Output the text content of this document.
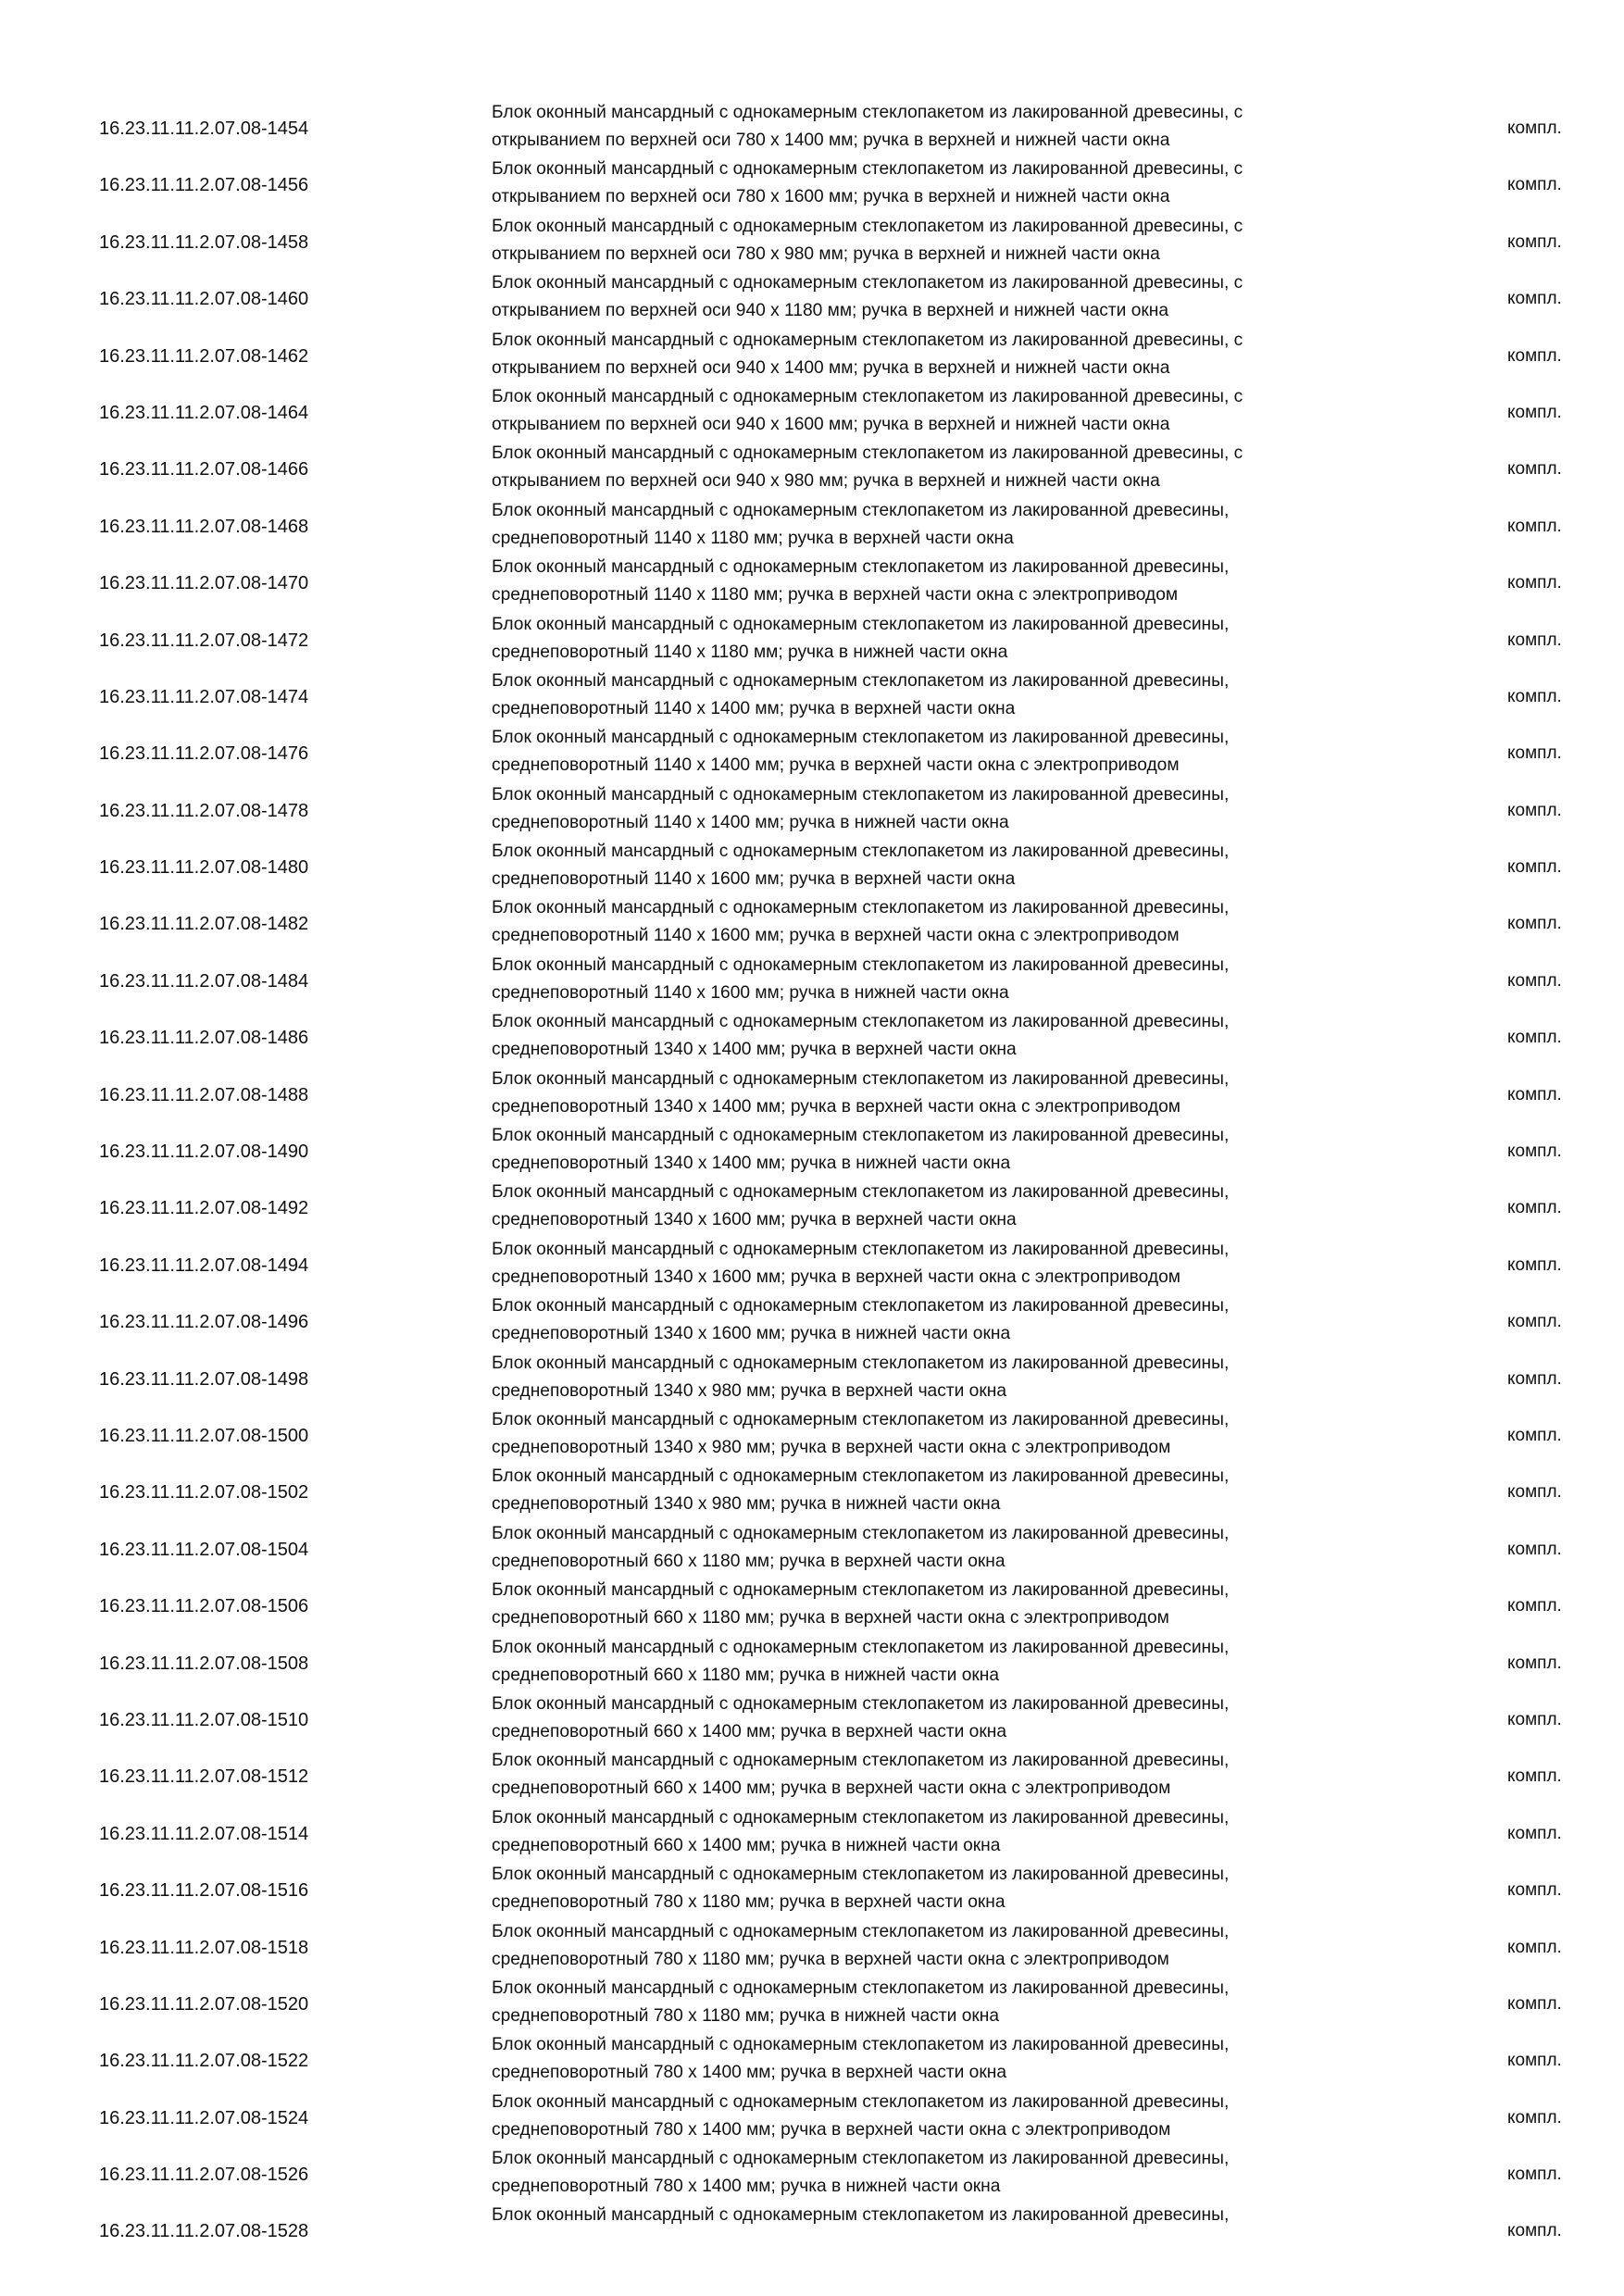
16.23.11.11.2.07.08-1454
Блок оконный мансардный с однокамерным стеклопакетом из лакированной древесины, с
открыванием по верхней оси 780 х 1400 мм; ручка в верхней и нижней части окна
компл.
16.23.11.11.2.07.08-1456
Блок оконный мансардный с однокамерным стеклопакетом из лакированной древесины, с
открыванием по верхней оси 780 х 1600 мм; ручка в верхней и нижней части окна
компл.
16.23.11.11.2.07.08-1458
Блок оконный мансардный с однокамерным стеклопакетом из лакированной древесины, с
открыванием по верхней оси 780 х 980 мм; ручка в верхней и нижней части окна
компл.
16.23.11.11.2.07.08-1460
Блок оконный мансардный с однокамерным стеклопакетом из лакированной древесины, с
открыванием по верхней оси 940 х 1180 мм; ручка в верхней и нижней части окна
компл.
16.23.11.11.2.07.08-1462
Блок оконный мансардный с однокамерным стеклопакетом из лакированной древесины, с
открыванием по верхней оси 940 х 1400 мм; ручка в верхней и нижней части окна
компл.
16.23.11.11.2.07.08-1464
Блок оконный мансардный с однокамерным стеклопакетом из лакированной древесины, с
открыванием по верхней оси 940 х 1600 мм; ручка в верхней и нижней части окна
компл.
16.23.11.11.2.07.08-1466
Блок оконный мансардный с однокамерным стеклопакетом из лакированной древесины, с
открыванием по верхней оси 940 х 980 мм; ручка в верхней и нижней части окна
компл.
16.23.11.11.2.07.08-1468
Блок оконный мансардный с однокамерным стеклопакетом из лакированной древесины,
среднеповоротный 1140 х 1180 мм; ручка в верхней части окна
компл.
16.23.11.11.2.07.08-1470
Блок оконный мансардный с однокамерным стеклопакетом из лакированной древесины,
среднеповоротный 1140 х 1180 мм; ручка в верхней части окна с электроприводом
компл.
16.23.11.11.2.07.08-1472
Блок оконный мансардный с однокамерным стеклопакетом из лакированной древесины,
среднеповоротный 1140 х 1180 мм; ручка в нижней части окна
компл.
16.23.11.11.2.07.08-1474
Блок оконный мансардный с однокамерным стеклопакетом из лакированной древесины,
среднеповоротный 1140 х 1400 мм; ручка в верхней части окна
компл.
16.23.11.11.2.07.08-1476
Блок оконный мансардный с однокамерным стеклопакетом из лакированной древесины,
среднеповоротный 1140 х 1400 мм; ручка в верхней части окна с электроприводом
компл.
16.23.11.11.2.07.08-1478
Блок оконный мансардный с однокамерным стеклопакетом из лакированной древесины,
среднеповоротный 1140 х 1400 мм; ручка в нижней части окна
компл.
16.23.11.11.2.07.08-1480
Блок оконный мансардный с однокамерным стеклопакетом из лакированной древесины,
среднеповоротный 1140 х 1600 мм; ручка в верхней части окна
компл.
16.23.11.11.2.07.08-1482
Блок оконный мансардный с однокамерным стеклопакетом из лакированной древесины,
среднеповоротный 1140 х 1600 мм; ручка в верхней части окна с электроприводом
компл.
16.23.11.11.2.07.08-1484
Блок оконный мансардный с однокамерным стеклопакетом из лакированной древесины,
среднеповоротный 1140 х 1600 мм; ручка в нижней части окна
компл.
16.23.11.11.2.07.08-1486
Блок оконный мансардный с однокамерным стеклопакетом из лакированной древесины,
среднеповоротный 1340 х 1400 мм; ручка в верхней части окна
компл.
16.23.11.11.2.07.08-1488
Блок оконный мансардный с однокамерным стеклопакетом из лакированной древесины,
среднеповоротный 1340 х 1400 мм; ручка в верхней части окна с электроприводом
компл.
16.23.11.11.2.07.08-1490
Блок оконный мансардный с однокамерным стеклопакетом из лакированной древесины,
среднеповоротный 1340 х 1400 мм; ручка в нижней части окна
компл.
16.23.11.11.2.07.08-1492
Блок оконный мансардный с однокамерным стеклопакетом из лакированной древесины,
среднеповоротный 1340 х 1600 мм; ручка в верхней части окна
компл.
16.23.11.11.2.07.08-1494
Блок оконный мансардный с однокамерным стеклопакетом из лакированной древесины,
среднеповоротный 1340 х 1600 мм; ручка в верхней части окна с электроприводом
компл.
16.23.11.11.2.07.08-1496
Блок оконный мансардный с однокамерным стеклопакетом из лакированной древесины,
среднеповоротный 1340 х 1600 мм; ручка в нижней части окна
компл.
16.23.11.11.2.07.08-1498
Блок оконный мансардный с однокамерным стеклопакетом из лакированной древесины,
среднеповоротный 1340 х 980 мм; ручка в верхней части окна
компл.
16.23.11.11.2.07.08-1500
Блок оконный мансардный с однокамерным стеклопакетом из лакированной древесины,
среднеповоротный 1340 х 980 мм; ручка в верхней части окна с электроприводом
компл.
16.23.11.11.2.07.08-1502
Блок оконный мансардный с однокамерным стеклопакетом из лакированной древесины,
среднеповоротный 1340 х 980 мм; ручка в нижней части окна
компл.
16.23.11.11.2.07.08-1504
Блок оконный мансардный с однокамерным стеклопакетом из лакированной древесины,
среднеповоротный 660 х 1180 мм; ручка в верхней части окна
компл.
16.23.11.11.2.07.08-1506
Блок оконный мансардный с однокамерным стеклопакетом из лакированной древесины,
среднеповоротный 660 х 1180 мм; ручка в верхней части окна с электроприводом
компл.
16.23.11.11.2.07.08-1508
Блок оконный мансардный с однокамерным стеклопакетом из лакированной древесины,
среднеповоротный 660 х 1180 мм; ручка в нижней части окна
компл.
16.23.11.11.2.07.08-1510
Блок оконный мансардный с однокамерным стеклопакетом из лакированной древесины,
среднеповоротный 660 х 1400 мм; ручка в верхней части окна
компл.
16.23.11.11.2.07.08-1512
Блок оконный мансардный с однокамерным стеклопакетом из лакированной древесины,
среднеповоротный 660 х 1400 мм; ручка в верхней части окна с электроприводом
компл.
16.23.11.11.2.07.08-1514
Блок оконный мансардный с однокамерным стеклопакетом из лакированной древесины,
среднеповоротный 660 х 1400 мм; ручка в нижней части окна
компл.
16.23.11.11.2.07.08-1516
Блок оконный мансардный с однокамерным стеклопакетом из лакированной древесины,
среднеповоротный 780 х 1180 мм; ручка в верхней части окна
компл.
16.23.11.11.2.07.08-1518
Блок оконный мансардный с однокамерным стеклопакетом из лакированной древесины,
среднеповоротный 780 х 1180 мм; ручка в верхней части окна с электроприводом
компл.
16.23.11.11.2.07.08-1520
Блок оконный мансардный с однокамерным стеклопакетом из лакированной древесины,
среднеповоротный 780 х 1180 мм; ручка в нижней части окна
компл.
16.23.11.11.2.07.08-1522
Блок оконный мансардный с однокамерным стеклопакетом из лакированной древесины,
среднеповоротный 780 х 1400 мм; ручка в верхней части окна
компл.
16.23.11.11.2.07.08-1524
Блок оконный мансардный с однокамерным стеклопакетом из лакированной древесины,
среднеповоротный 780 х 1400 мм; ручка в верхней части окна с электроприводом
компл.
16.23.11.11.2.07.08-1526
Блок оконный мансардный с однокамерным стеклопакетом из лакированной древесины,
среднеповоротный 780 х 1400 мм; ручка в нижней части окна
компл.
16.23.11.11.2.07.08-1528
Блок оконный мансардный с однокамерным стеклопакетом из лакированной древесины,
компл.
